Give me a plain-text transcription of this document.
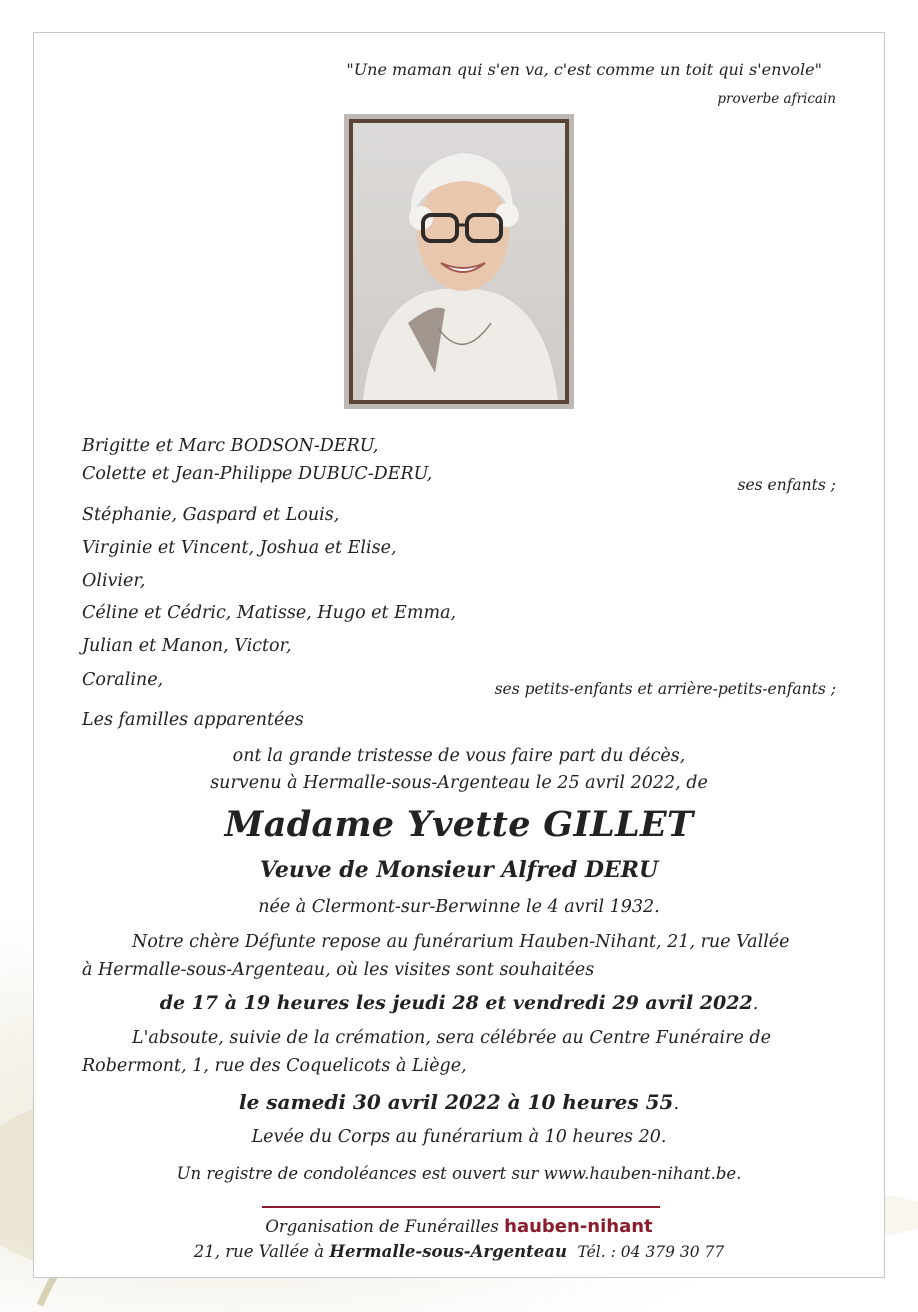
"Une maman qui s'en va, c'est comme un toit qui s'envole"
proverbe africain
Brigitte et Marc BODSON-DERU,
Colette et Jean-Philippe DUBUC-DERU,
ses enfants ;
Stéphanie, Gaspard et Louis,
Virginie et Vincent, Joshua et Elise,
Olivier,
Céline et Cédric, Matisse, Hugo et Emma,
Julian et Manon, Victor,
Coraline,	ses petits-enfants et arrière-petits-enfants ;
Les familles apparentées
ont la grande tristesse de vous faire part du décès,
survenu à Hermalle-sous-Argenteau le 25 avril 2022, de
Madame Yvette GILLET
Veuve de Monsieur Alfred DERU
née à Clermont-sur-Berwinne le 4 avril 1932.
Notre chère Défunte repose au funérarium Hauben-Nihant, 21, rue Vallée
à Hermalle-sous-Argenteau, où les visites sont souhaitées
de 17 à 19 heures les jeudi 28 et vendredi 29 avril 2022.
L'absoute, suivie de la crémation, sera célébrée au Centre Funéraire de
Robermont, 1, rue des Coquelicots à Liège,
le samedi 30 avril 2022 à 10 heures 55.
Levée du Corps au funérarium à 10 heures 20.
Un registre de condoléances est ouvert sur www.hauben-nihant.be.
Organisation de Funérailles hauben-nihant
21, rue Vallée à Hermalle-sous-Argenteau Tél. : 04 379 30 77
